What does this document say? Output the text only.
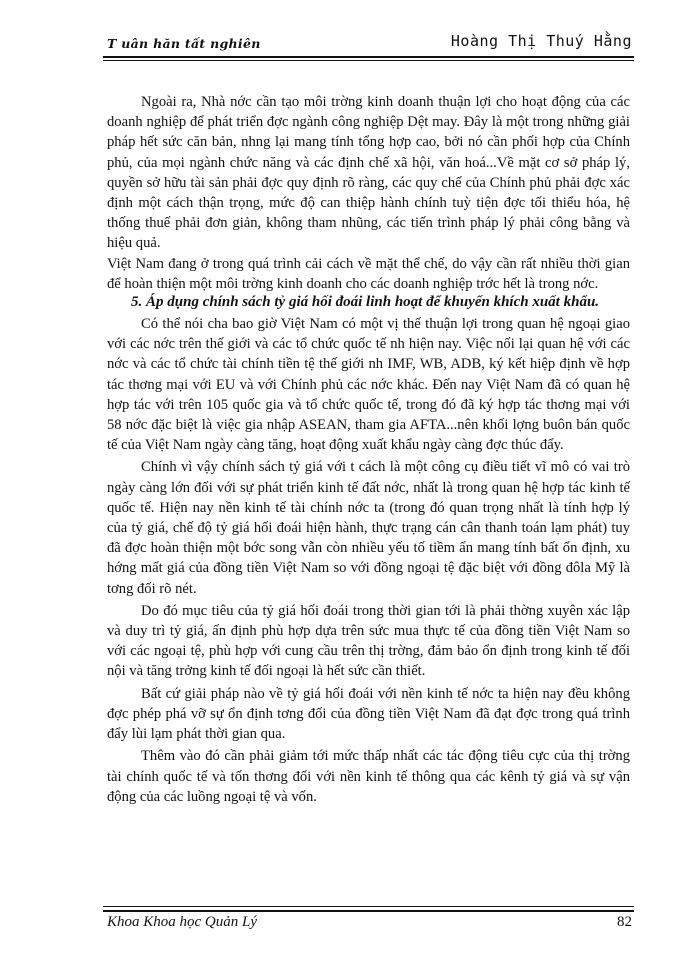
T uân hăn tất nghiên	Hoàng Thị Thuý Hằng

Ngoài ra, Nhà nớc cần tạo môi trờng kinh doanh thuận lợi cho hoạt động của các doanh nghiệp để phát triển đợc ngành công nghiệp Dệt may. Đây là một trong những giải pháp hết sức căn bản, nhng lại mang tính tổng hợp cao, bởi nó cần phối hợp của Chính phủ, của mọi ngành chức năng và các định chế xã hội, văn hoá...Về mặt cơ sở pháp lý, quyền sở hữu tài sản phải đợc quy định rõ ràng, các quy chế của Chính phủ phải đợc xác định một cách thận trọng, mức độ can thiệp hành chính tuỳ tiện đợc tối thiểu hóa, hệ thống thuế phải đơn giản, không tham nhũng, các tiến trình pháp lý phải công bằng và hiệu quả.

Việt Nam đang ở trong quá trình cải cách về mặt thể chế, do vậy cần rất nhiều thời gian để hoàn thiện một môi trờng kinh doanh cho các doanh nghiệp trớc hết là trong nớc.

5. Áp dụng chính sách tỷ giá hối đoái linh hoạt để khuyến khích xuất khẩu.

Có thể nói cha bao giờ Việt Nam có một vị thế thuận lợi trong quan hệ ngoại giao với các nớc trên thế giới và các tổ chức quốc tế nh hiện nay. Việc nối lại quan hệ với các nớc và các tổ chức tài chính tiền tệ thế giới nh IMF, WB, ADB, ký kết hiệp định về hợp tác thơng mại với EU và với Chính phủ các nớc khác. Đến nay Việt Nam đã có quan hệ hợp tác với trên 105 quốc gia và tổ chức quốc tế, trong đó đã ký hợp tác thơng mại với 58 nớc đặc biệt là việc gia nhập ASEAN, tham gia AFTA...nên khối lợng buôn bán quốc tế của Việt Nam ngày càng tăng, hoạt động xuất khẩu ngày càng đợc thúc đẩy.

Chính vì vậy chính sách tỷ giá với t cách là một công cụ điều tiết vĩ mô có vai trò ngày càng lớn đối với sự phát triển kinh tế đất nớc, nhất là trong quan hệ hợp tác kinh tế quốc tế. Hiện nay nền kinh tế tài chính nớc ta (trong đó quan trọng nhất là tính hợp lý của tỷ giá, chế độ tỷ giá hối đoái hiện hành, thực trạng cán cân thanh toán lạm phát) tuy đã đợc hoàn thiện một bớc song vẫn còn nhiều yếu tố tiềm ẩn mang tính bất ổn định, xu hớng mất giá của đồng tiền Việt Nam so với đồng ngoại tệ đặc biệt với đồng đôla Mỹ là tơng đối rõ nét.

Do đó mục tiêu của tỷ giá hối đoái trong thời gian tới là phải thờng xuyên xác lập và duy trì tỷ giá, ấn định phù hợp dựa trên sức mua thực tế của đồng tiền Việt Nam so với các ngoại tệ, phù hợp với cung cầu trên thị trờng, đảm bảo ổn định trong kinh tế đối nội và tăng trởng kinh tế đối ngoại là hết sức cần thiết.

Bất cứ giải pháp nào về tỷ giá hối đoái với nền kinh tế nớc ta hiện nay đều không đợc phép phá vỡ sự ổn định tơng đối của đồng tiền Việt Nam đã đạt đợc trong quá trình đẩy lùi lạm phát thời gian qua.

Thêm vào đó cần phải giảm tới mức thấp nhất các tác động tiêu cực của thị trờng tài chính quốc tế và tốn thơng đối với nền kinh tế thông qua các kênh tỷ giá và sự vận động của các luồng ngoại tệ và vốn.

Khoa Khoa học Quản Lý	82
